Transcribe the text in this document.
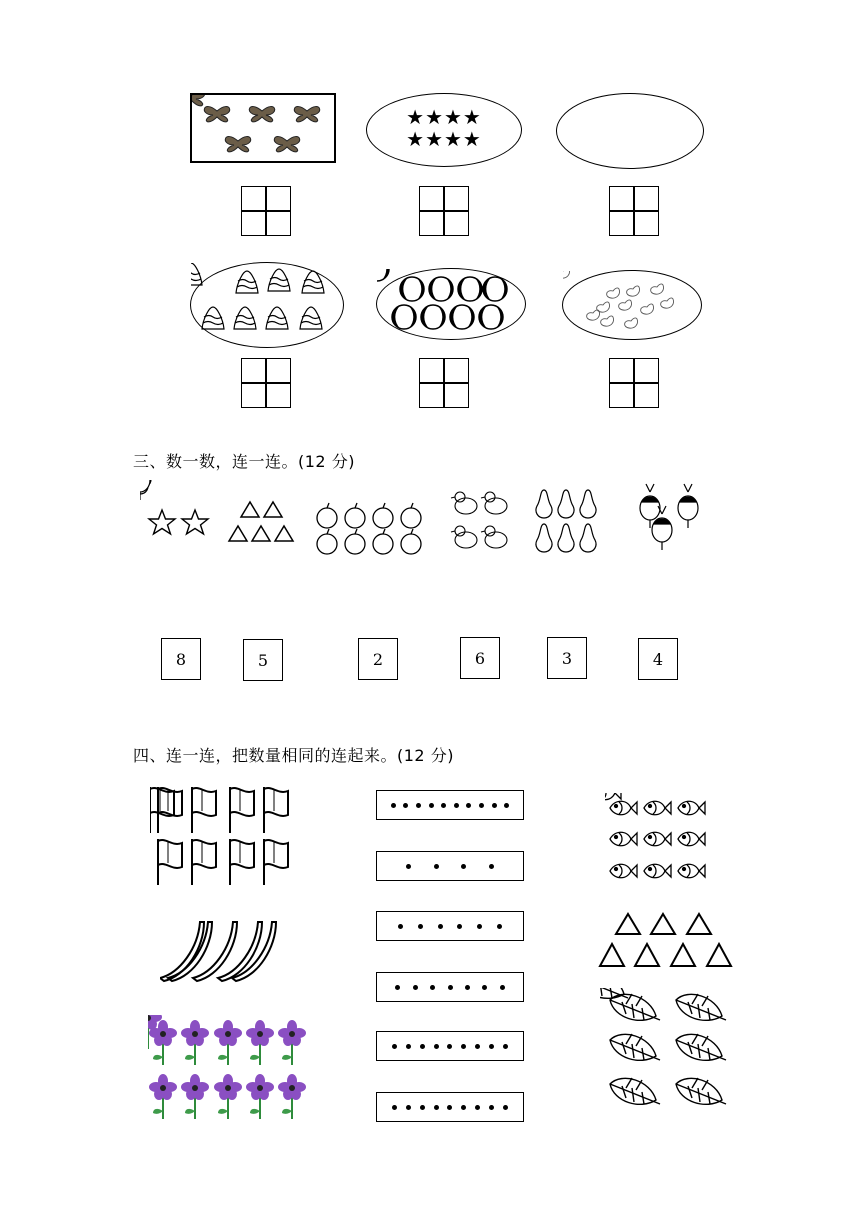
★★★★
★★★★
三、数一数，连一连。(12 分)
8	5	2	6	3	4
四、连一连，把数量相同的连起来。(12 分)
